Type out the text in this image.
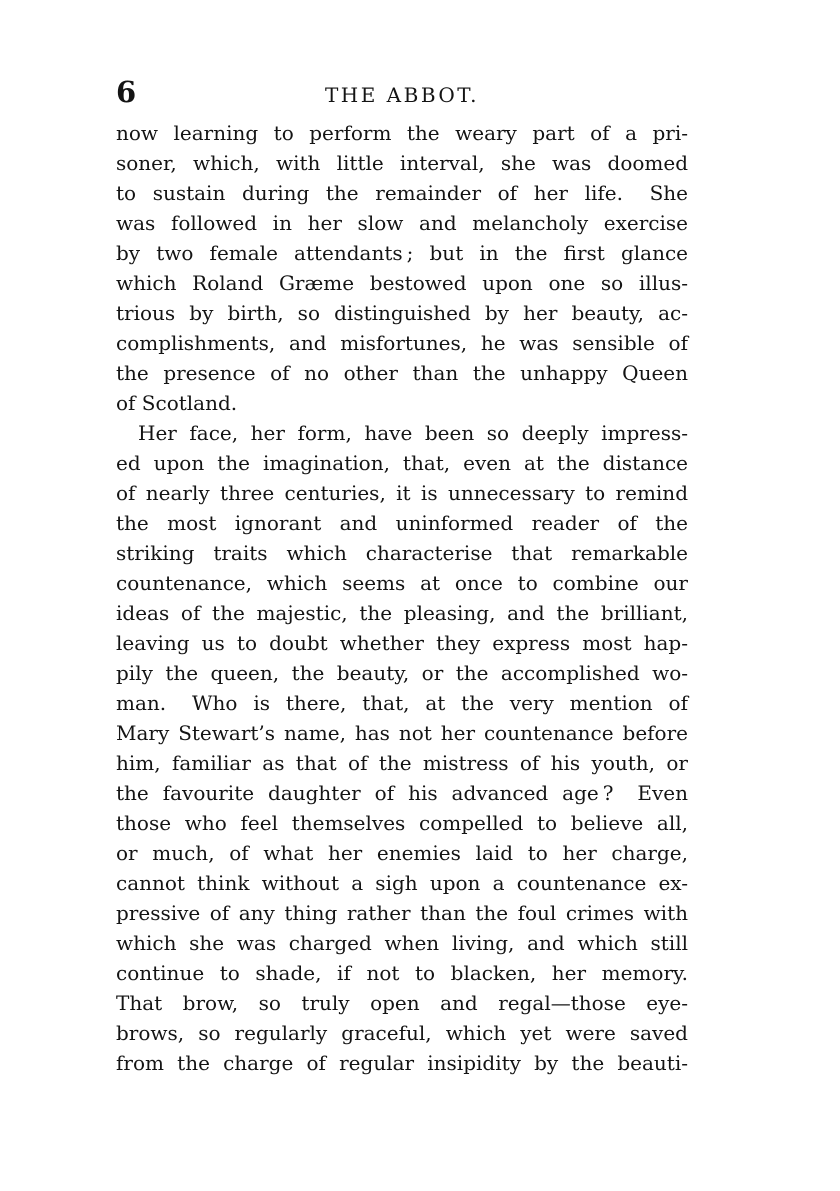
6	THE ABBOT.
now learning to perform the weary part of a pri-
soner, which, with little interval, she was doomed
to sustain during the remainder of her life.  She
was followed in her slow and melancholy exercise
by two female attendants ; but in the first glance
which Roland Græme bestowed upon one so illus-
trious by birth, so distinguished by her beauty, ac-
complishments, and misfortunes, he was sensible of
the presence of no other than the unhappy Queen
of Scotland.
Her face, her form, have been so deeply impress-
ed upon the imagination, that, even at the distance
of nearly three centuries, it is unnecessary to remind
the most ignorant and uninformed reader of the
striking traits which characterise that remarkable
countenance, which seems at once to combine our
ideas of the majestic, the pleasing, and the brilliant,
leaving us to doubt whether they express most hap-
pily the queen, the beauty, or the accomplished wo-
man.  Who is there, that, at the very mention of
Mary Stewart’s name, has not her countenance before
him, familiar as that of the mistress of his youth, or
the favourite daughter of his advanced age ?  Even
those who feel themselves compelled to believe all,
or much, of what her enemies laid to her charge,
cannot think without a sigh upon a countenance ex-
pressive of any thing rather than the foul crimes with
which she was charged when living, and which still
continue to shade, if not to blacken, her memory.
That brow, so truly open and regal—those eye-
brows, so regularly graceful, which yet were saved
from the charge of regular insipidity by the beauti-
